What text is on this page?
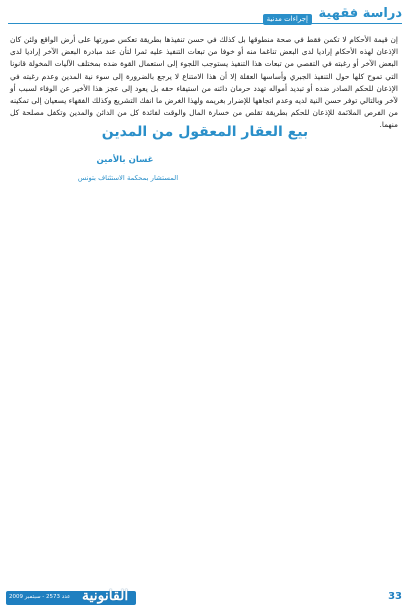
دراسة فقهية
إجراءات مدنية
إن قيمة الأحكام لا تكمن فقط في صحة منطوقها بل كذلك في حسن تنفيذها بطريقة تعكس صورتها على أرض الواقع ولئن كان الإذعان لهذه الأحكام إراديا لدى البعض تناغما منه أو خوفا من تبعات التنفيذ عليه ثمرا لتأن عند مبادرة البعض الآخر إراديا لدى البعض الآخر أو رغبته في التفصي من تبعات هذا التنفيذ يستوجب اللجوء إلى استعمال القوة ضده بمختلف الآليات المخولة قانونا التي تموح كلها حول التنفيذ الجبري وأساسها العقلة إلا أن هذا الامتناع لا يرجع بالضرورة إلى سوء نية المدين وعدم رغبته في الإذعان للحكم الصادر ضده أو تبديد أمواله تهدد حرمان دائنه من استيفاء حقه بل يعود إلى عجز هذا الأخير عن الوفاء لسبب أو لآخر وبالتالي توفر حسن النية لديه وعدم اتجاهها للإضرار بغريمه ولهذا الغرض ما انفك التشريع وكذلك الفقهاء يسعيان إلى تمكينه من الفرص الملائمة للإذعان للحكم بطريقة تقلص من خسارة المال والوقت لفائدة كل من الدائن والمدين وتكفل مصلحة كل منهما.
بيع العقار المعقول من المدين
غسان بالأمين
المستشار بمحكمة الاستئناف بتونس
عدد 2573 - سبتمبر 2009 القانونية	33
